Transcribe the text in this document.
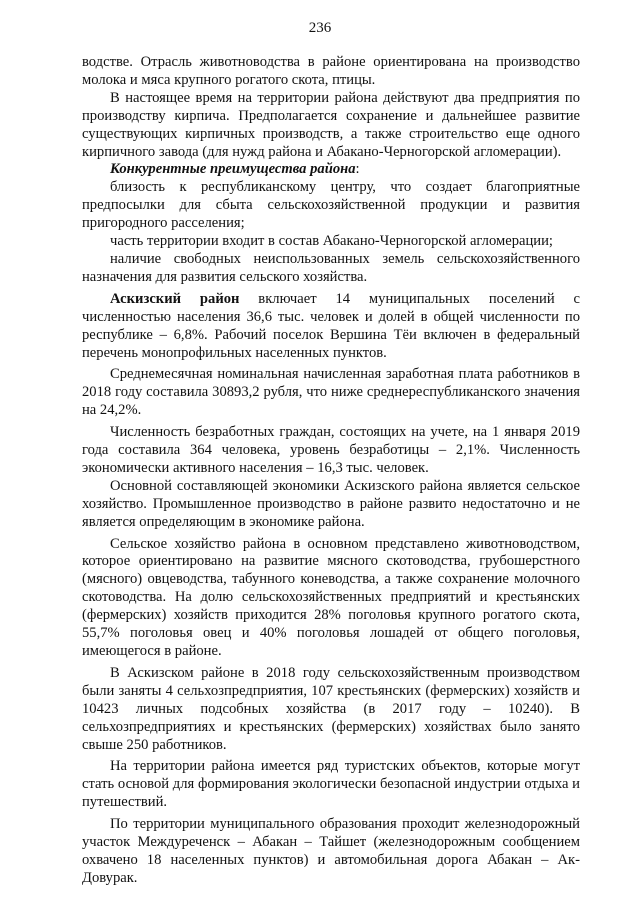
236

водстве. Отрасль животноводства в районе ориентирована на производство молока и мяса крупного рогатого скота, птицы.

В настоящее время на территории района действуют два предприятия по производству кирпича. Предполагается сохранение и дальнейшее развитие существующих кирпичных производств, а также строительство еще одного кирпичного завода (для нужд района и Абакано-Черногорской агломерации).

Конкурентные преимущества района:

близость к республиканскому центру, что создает благоприятные предпосылки для сбыта сельскохозяйственной продукции и развития пригородного расселения;

часть территории входит в состав Абакано-Черногорской агломерации;

наличие свободных неиспользованных земель сельскохозяйственного назначения для развития сельского хозяйства.

Аскизский район включает 14 муниципальных поселений с численностью населения 36,6 тыс. человек и долей в общей численности по республике – 6,8%. Рабочий поселок Вершина Тёи включен в федеральный перечень монопрофильных населенных пунктов.

Среднемесячная номинальная начисленная заработная плата работников в 2018 году составила 30893,2 рубля, что ниже среднереспубликанского значения на 24,2%.

Численность безработных граждан, состоящих на учете, на 1 января 2019 года составила 364 человека, уровень безработицы – 2,1%. Численность экономически активного населения – 16,3 тыс. человек.

Основной составляющей экономики Аскизского района является сельское хозяйство. Промышленное производство в районе развито недостаточно и не является определяющим в экономике района.

Сельское хозяйство района в основном представлено животноводством, которое ориентировано на развитие мясного скотоводства, грубошерстного (мясного) овцеводства, табунного коневодства, а также сохранение молочного скотоводства. На долю сельскохозяйственных предприятий и крестьянских (фермерских) хозяйств приходится 28% поголовья крупного рогатого скота, 55,7% поголовья овец и 40% поголовья лошадей от общего поголовья, имеющегося в районе.

В Аскизском районе в 2018 году сельскохозяйственным производством были заняты 4 сельхозпредприятия, 107 крестьянских (фермерских) хозяйств и 10423 личных подсобных хозяйства (в 2017 году – 10240). В сельхозпредприятиях и крестьянских (фермерских) хозяйствах было занято свыше 250 работников.

На территории района имеется ряд туристских объектов, которые могут стать основой для формирования экологически безопасной индустрии отдыха и путешествий.

По территории муниципального образования проходит железнодорожный участок Междуреченск – Абакан – Тайшет (железнодорожным сообщением охвачено 18 населенных пунктов) и автомобильная дорога Абакан – Ак-Довурак.
